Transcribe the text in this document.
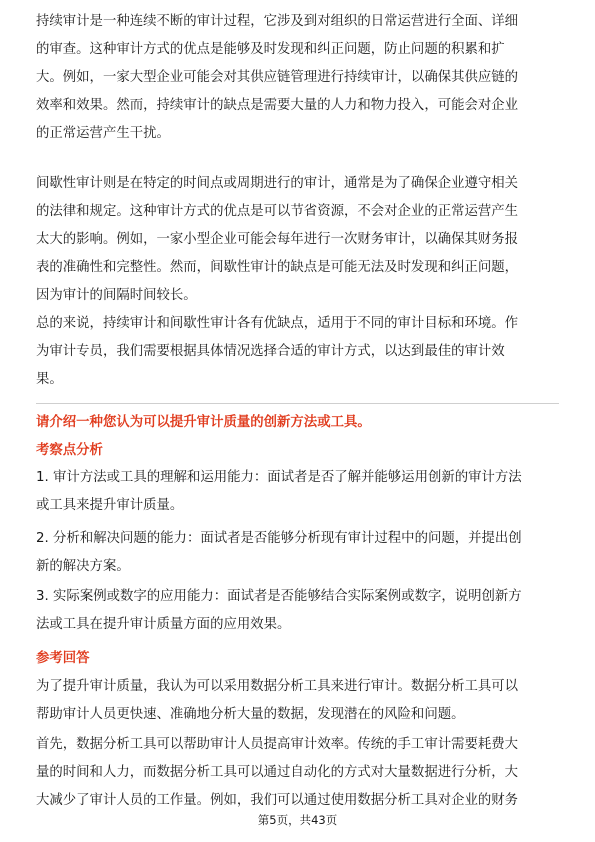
持续审计是一种连续不断的审计过程，它涉及到对组织的日常运营进行全面、详细
的审查。这种审计方式的优点是能够及时发现和纠正问题，防止问题的积累和扩
大。例如，一家大型企业可能会对其供应链管理进行持续审计，以确保其供应链的
效率和效果。然而，持续审计的缺点是需要大量的人力和物力投入，可能会对企业
的正常运营产生干扰。
间歇性审计则是在特定的时间点或周期进行的审计，通常是为了确保企业遵守相关
的法律和规定。这种审计方式的优点是可以节省资源，不会对企业的正常运营产生
太大的影响。例如，一家小型企业可能会每年进行一次财务审计，以确保其财务报
表的准确性和完整性。然而，间歇性审计的缺点是可能无法及时发现和纠正问题，
因为审计的间隔时间较长。
总的来说，持续审计和间歇性审计各有优缺点，适用于不同的审计目标和环境。作
为审计专员，我们需要根据具体情况选择合适的审计方式，以达到最佳的审计效
果。
请介绍一种您认为可以提升审计质量的创新方法或工具。
考察点分析
1. 审计方法或工具的理解和运用能力：面试者是否了解并能够运用创新的审计方法
或工具来提升审计质量。
2. 分析和解决问题的能力：面试者是否能够分析现有审计过程中的问题，并提出创
新的解决方案。
3. 实际案例或数字的应用能力：面试者是否能够结合实际案例或数字，说明创新方
法或工具在提升审计质量方面的应用效果。
参考回答
为了提升审计质量，我认为可以采用数据分析工具来进行审计。数据分析工具可以
帮助审计人员更快速、准确地分析大量的数据，发现潜在的风险和问题。
首先，数据分析工具可以帮助审计人员提高审计效率。传统的手工审计需要耗费大
量的时间和人力，而数据分析工具可以通过自动化的方式对大量数据进行分析，大
大减少了审计人员的工作量。例如，我们可以通过使用数据分析工具对企业的财务
第5页，共43页
